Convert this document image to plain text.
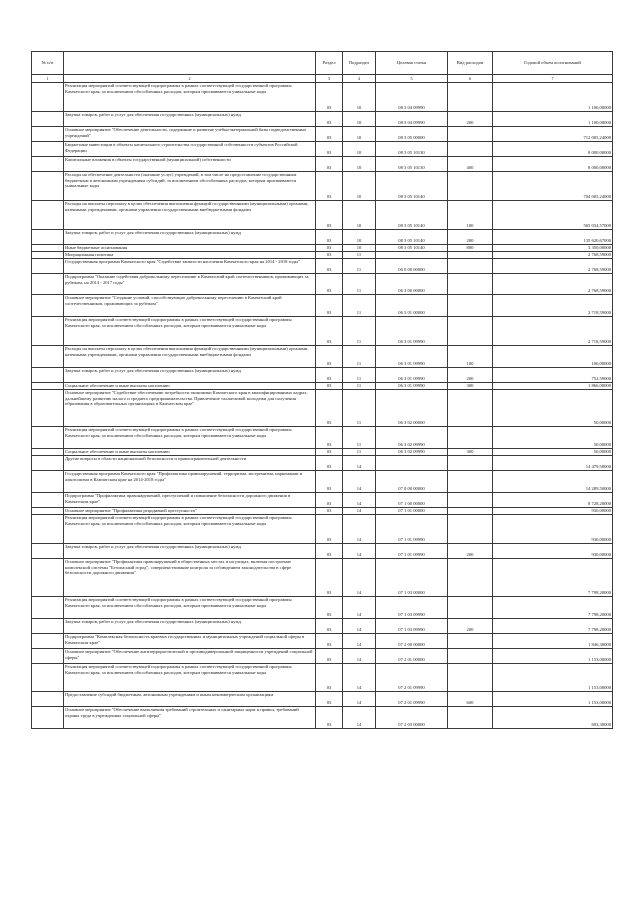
№ п/п		Раздел	Подраздел	Целевая статья	Вид расходов	Годовой объем ассигнований
1	2	3	4	5	6	7
	Реализация мероприятий соответствующей подпрограммы в рамках соответствующей государственной программы Камчатского края, за исключением обособленных расходов, которым присваиваются уникальные коды	03	10	08 3 04 09990		1 100,00000
	Закупка товаров, работ и услуг для обеспечения государственных (муниципальных) нужд	03	10	08 3 04 09990	200	1 100,00000
	Основное мероприятие "Обеспечение деятельности, содержание и развитие учебно-материальной базы подведомственных учреждений"	03	10	08 3 05 00000		712 005,24000
	Бюджетные инвестиции в объекты капитального строительства государственной собственности субъектов Российской Федерации	03	10	08 3 05 10130		8 000,00000
	Капитальные вложения в объекты государственной (муниципальной) собственности	03	10	08 3 05 10130	400	8 000,00000
	Расходы на обеспечение деятельности (оказание услуг) учреждений, в том числе на предоставление государственным бюджетным и автономным учреждениям субсидий, за исключением обособленных расходов, которым присваиваются уникальные коды	03	10	08 3 05 10140		704 005,24000
	Расходы на выплаты персоналу в целях обеспечения выполнения функций государственными (муниципальными) органами, казенными учреждениями, органами управления государственными внебюджетными фондами	03	10	08 3 05 10140	100	565 034,57000
	Закупка товаров, работ и услуг для обеспечения государственных (муниципальных) нужд	03	10	08 3 05 10140	200	135 620,67000
	Иные бюджетные ассигнования	03	10	08 3 05 10140	800	3 350,00000
	Миграционная политика	03	11			2 768,59000
	Государственная программа Камчатского края "Содействие занятости населения Камчатского края на 2014 - 2018 годы"	03	11	06 0 00 00000		2 768,59000
	Подпрограмма "Оказание содействия добровольному переселению в Камчатский край соотечественников, проживающих за рубежом, на 2014 - 2017 годы"	03	11	06 3 00 00000		2 768,59000
	Основное мероприятие "Создание условий, способствующих добровольному переселению в Камчатский край соотечественников, проживающих за рубежом"	03	11	06 3 01 00000		2 718,59000
	Реализация мероприятий соответствующей подпрограммы в рамках соответствующей государственной программы Камчатского края, за исключением обособленных расходов, которым присваиваются уникальные коды	03	11	06 3 01 09990		2 718,59000
	Расходы на выплаты персоналу в целях обеспечения выполнения функций государственными (муниципальными) органами, казенными учреждениями, органами управления государственными внебюджетными фондами	03	11	06 3 01 09990	100	100,00000
	Закупка товаров, работ и услуг для обеспечения государственных (муниципальных) нужд	03	11	06 3 01 09990	200	752,59000
	Социальное обеспечение и иные выплаты населению	03	11	06 3 01 09990	300	1 866,00000
	Основное мероприятие "Содействие обеспечению потребности экономики Камчатского края в квалифицированных кадрах, дальнейшему развитию малого и среднего предпринимательства. Привлечение талантливой молодежи для получения образования в образовательных организациях в Камчатском крае"	03	11	06 3 02 00000		50,00000
	Реализация мероприятий соответствующей подпрограммы в рамках соответствующей государственной программы Камчатского края, за исключением обособленных расходов, которым присваиваются уникальные коды	03	11	06 3 02 09990		50,00000
	Социальное обеспечение и иные выплаты населению	03	11	06 3 02 09990	300	50,00000
	Другие вопросы в области национальной безопасности и правоохранительной деятельности	03	14			14 479,50000
	Государственная программа Камчатского края "Профилактика правонарушений, терроризма, экстремизма, наркомании и алкоголизма в Камчатском крае на 2014-2018 годы"	03	14	07 0 00 00000		14 289,50000
	Подпрограмма "Профилактика правонарушений, преступлений и повышение безопасности дорожного движения в Камчатском крае"	03	14	07 1 00 00000		8 728,20000
	Основное мероприятие "Профилактика рецидивной преступности"	03	14	07 1 01 00000		930,00000
	Реализация мероприятий соответствующей подпрограммы в рамках соответствующей государственной программы Камчатского края, за исключением обособленных расходов, которым присваиваются уникальные коды	03	14	07 1 01 09990		930,00000
	Закупка товаров, работ и услуг для обеспечения государственных (муниципальных) нужд	03	14	07 1 01 09990	200	930,00000
	Основное мероприятие "Профилактика правонарушений в общественных местах и на улицах, включая построение комплексной системы "Безопасный город", совершенствование контроля за соблюдением законодательства в сфере безопасности дорожного движения"	03	14	07 1 03 00000		7 798,20000
	Реализация мероприятий соответствующей подпрограммы в рамках соответствующей государственной программы Камчатского края, за исключением обособленных расходов, которым присваиваются уникальные коды	03	14	07 1 03 09990		7 798,20000
	Закупка товаров, работ и услуг для обеспечения государственных (муниципальных) нужд	03	14	07 1 03 09990	200	7 798,20000
	Подпрограмма "Комплексная безопасность краевых государственных и муниципальных учреждений социальной сферы в Камчатском крае"	03	14	07 2 00 00000		1 846,30000
	Основное мероприятие "Обеспечение антитеррористической и противодиверсионной защищенности учреждений социальной сферы"	03	14	07 2 01 00000		1 153,00000
	Реализация мероприятий соответствующей подпрограммы в рамках соответствующей государственной программы Камчатского края, за исключением обособленных расходов, которым присваиваются уникальные коды	03	14	07 2 01 09990		1 153,00000
	Предоставление субсидий бюджетным, автономным учреждениям и иным некоммерческим организациям	03	14	07 2 01 09990	600	1 153,00000
	Основное мероприятие "Обеспечение выполнения требований строительных и санитарных норм и правил, требований охраны труда в учреждениях социальной сферы"	03	14	07 2 03 00000		693,30000
